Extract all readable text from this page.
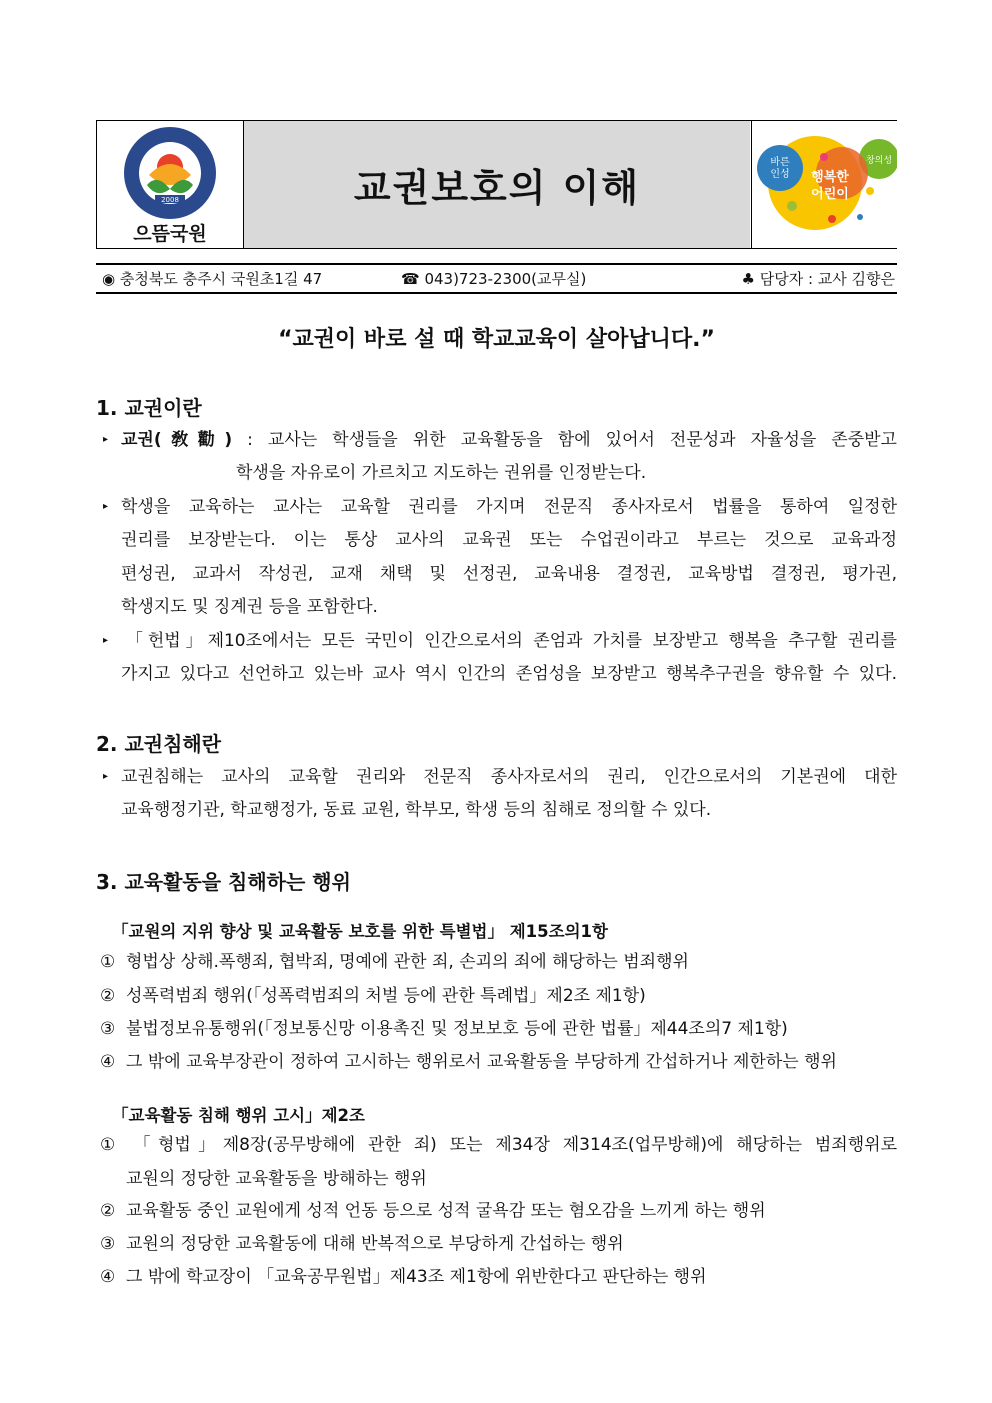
2008
으뜸국원
교권보호의 이해
바른
인성 행복한
어린이
창의성
◉ 충청북도 충주시 국원초1길 47	☎ 043)723-2300(교무실)	♣ 담당자 : 교사 김향은
“교권이 바로 설 때 학교교육이 살아납니다.”
1. 교권이란
▸ 교권(敎勸) : 교사는 학생들을 위한 교육활동을 함에 있어서 전문성과 자율성을 존중받고
학생을 자유로이 가르치고 지도하는 권위를 인정받는다.
▸ 학생을 교육하는 교사는 교육할 권리를 가지며 전문직 종사자로서 법률을 통하여 일정한
권리를 보장받는다. 이는 통상 교사의 교육권 또는 수업권이라고 부르는 것으로 교육과정
편성권, 교과서 작성권, 교재 채택 및 선정권, 교육내용 결정권, 교육방법 결정권, 평가권,
학생지도 및 징계권 등을 포함한다.
▸ 「헌법」제10조에서는 모든 국민이 인간으로서의 존엄과 가치를 보장받고 행복을 추구할 권리를
가지고 있다고 선언하고 있는바 교사 역시 인간의 존엄성을 보장받고 행복추구권을 향유할 수 있다.
2. 교권침해란
▸ 교권침해는 교사의 교육할 권리와 전문직 종사자로서의 권리, 인간으로서의 기본권에 대한
교육행정기관, 학교행정가, 동료 교원, 학부모, 학생 등의 침해로 정의할 수 있다.
3. 교육활동을 침해하는 행위
「교원의 지위 향상 및 교육활동 보호를 위한 특별법」 제15조의1항
① 형법상 상해.폭행죄, 협박죄, 명예에 관한 죄, 손괴의 죄에 해당하는 범죄행위
② 성폭력범죄 행위(「성폭력범죄의 처벌 등에 관한 특례법」제2조 제1항)
③ 불법정보유통행위(「정보통신망 이용촉진 및 정보보호 등에 관한 법률」제44조의7 제1항)
④ 그 밖에 교육부장관이 정하여 고시하는 행위로서 교육활동을 부당하게 간섭하거나 제한하는 행위
「교육활동 침해 행위 고시」제2조
① 「형법」제8장(공무방해에 관한 죄) 또는 제34장 제314조(업무방해)에 해당하는 범죄행위로
교원의 정당한 교육활동을 방해하는 행위
② 교육활동 중인 교원에게 성적 언동 등으로 성적 굴욕감 또는 혐오감을 느끼게 하는 행위
③ 교원의 정당한 교육활동에 대해 반복적으로 부당하게 간섭하는 행위
④ 그 밖에 학교장이 「교육공무원법」제43조 제1항에 위반한다고 판단하는 행위
